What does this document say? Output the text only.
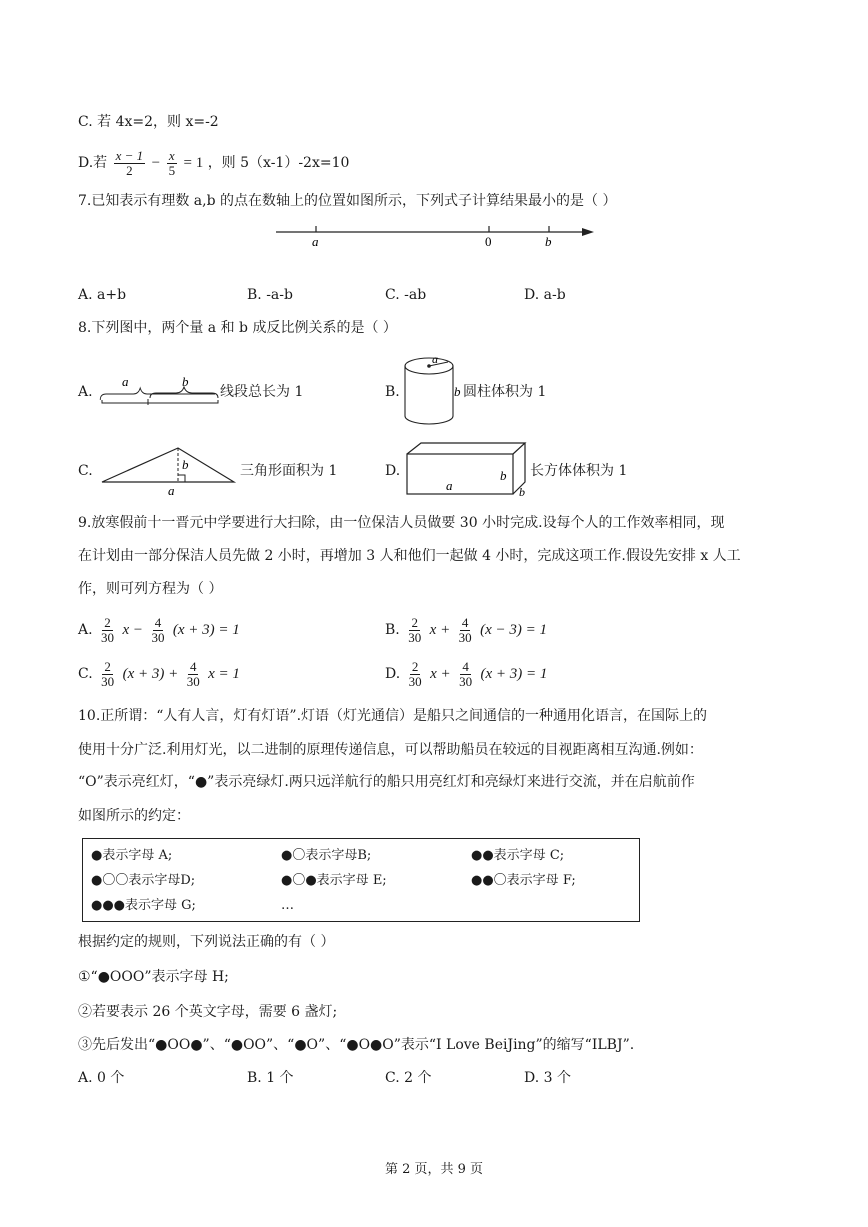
C. 若 4x=2，则 x=-2
D.若 $\frac{x - 1}{2} - \frac{x}{5} = 1$ ，则 5（x-1）-2x=10
7.已知表示有理数 a,b 的点在数轴上的位置如图所示，下列式子计算结果最小的是（ ）
a	0	b
A. a+b	B. -a-b	C. -ab	D. a-b
8.下列图中，两个量 a 和 b 成反比例关系的是（ ）
A.
a	b
线段总长为 1	B.
a
b 圆柱体积为 1
C.	b
a
三角形面积为 1	D.
a
b
b
长方体体积为 1
9.放寒假前十一晋元中学要进行大扫除，由一位保洁人员做要 30 小时完成.设每个人的工作效率相同，现
在计划由一部分保洁人员先做 2 小时，再增加 3 人和他们一起做 4 小时，完成这项工作.假设先安排 x 人工
作，则可列方程为（ ）
A. $\frac{2}{30}$ $x - \frac{4}{30} (x + 3) = 1$	B. $\frac{2}{30}$ $x + \frac{4}{30} (x - 3) = 1$
C. $\frac{2}{30} (x + 3) + \frac{4}{30}$ x = 1	D. $\frac{2}{30}$ $x + \frac{4}{30} (x + 3) = 1$
10.正所谓：“人有人言，灯有灯语”.灯语（灯光通信）是船只之间通信的一种通用化语言，在国际上的
使用十分广泛.利用灯光，以二进制的原理传递信息，可以帮助船员在较远的目视距离相互沟通.例如：
“O”表示亮红灯，“●”表示亮绿灯.两只远洋航行的船只用亮红灯和亮绿灯来进行交流，并在启航前作
如图所示的约定：
●表示字母 A;	●〇表示字母B;	●●表示字母 C;
●〇〇表示字母D;	●〇●表示字母 E;	●●〇表示字母 F;
●●●表示字母 G;	…
根据约定的规则，下列说法正确的有（ ）
①“●OOO”表示字母 H;
②若要表示 26 个英文字母，需要 6 盏灯;
③先后发出“●OO●”、“●OO”、“●O”、“●O●O”表示“I Love BeiJing”的缩写“ILBJ”.
A. 0 个	B. 1 个	C. 2 个	D. 3 个
第 2 页，共 9 页
